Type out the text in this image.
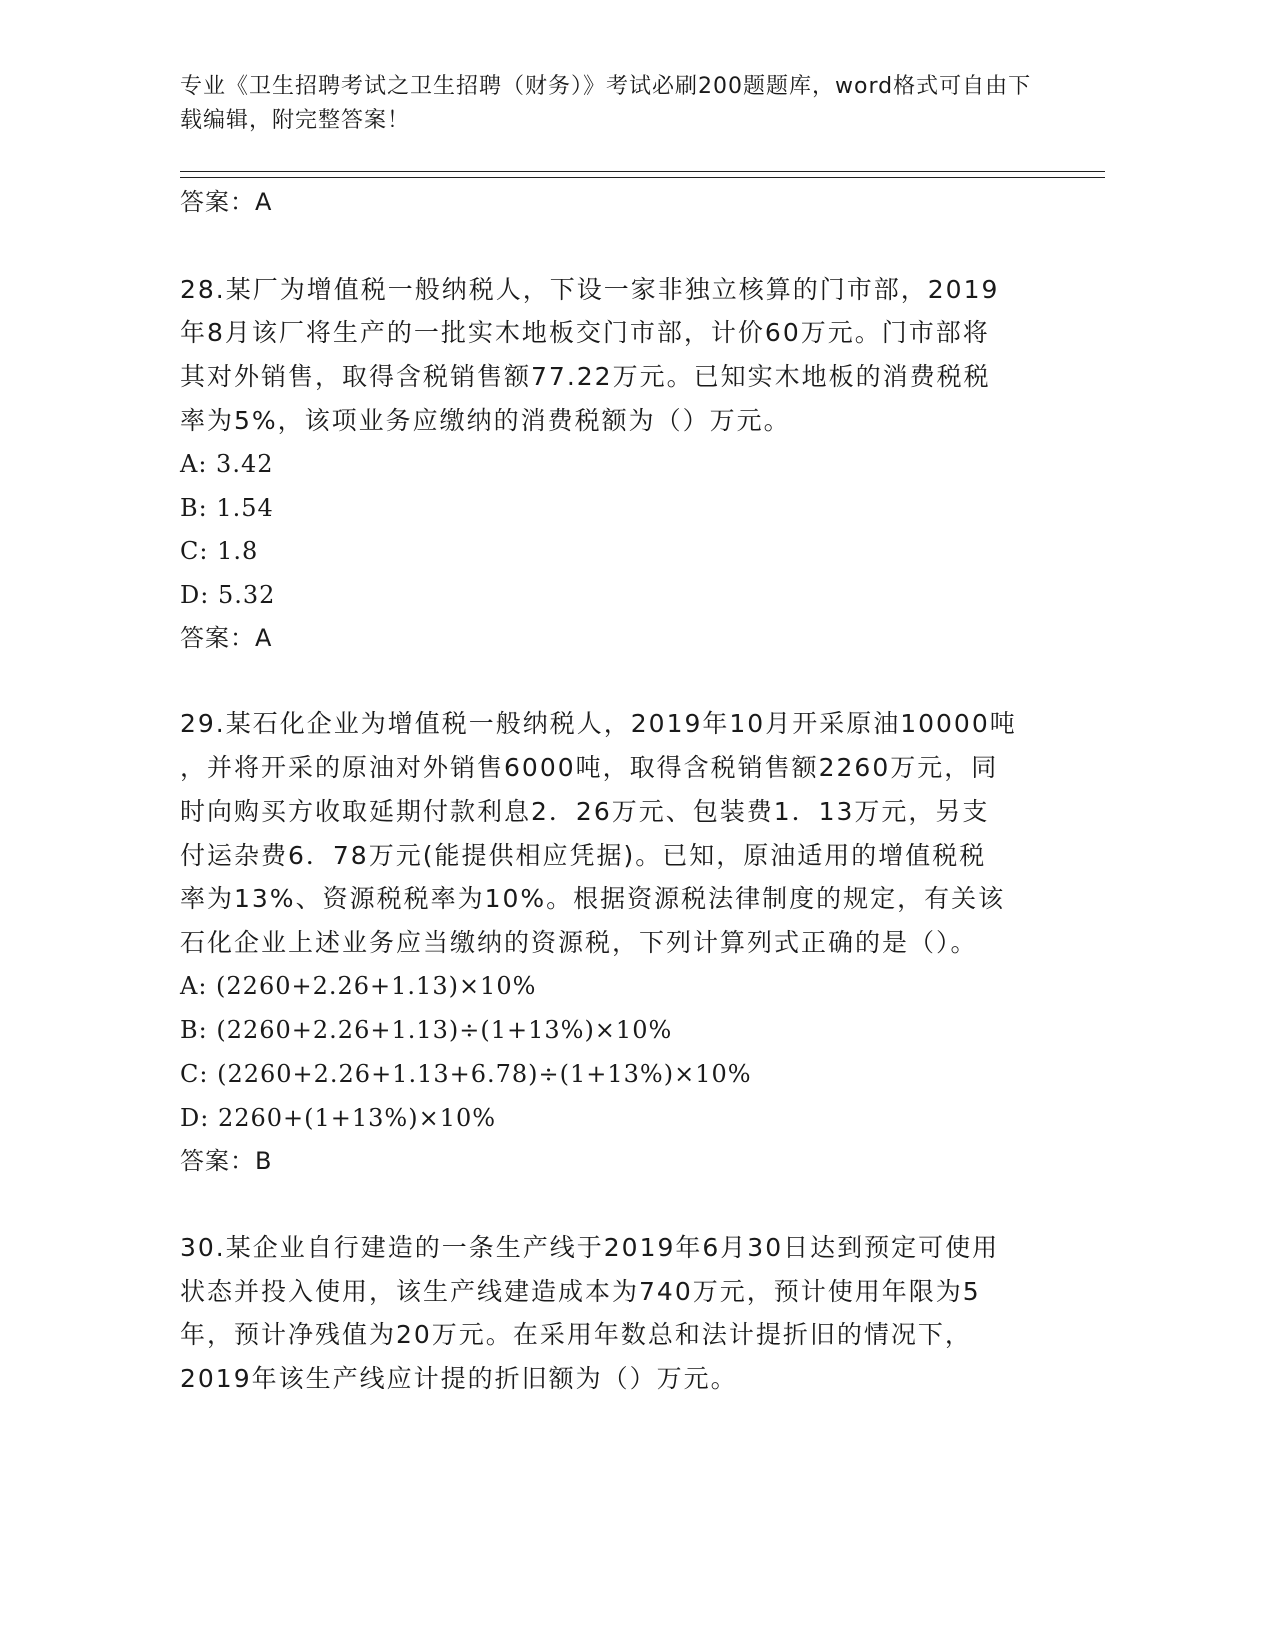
专业《卫生招聘考试之卫生招聘（财务）》考试必刷200题题库，word格式可自由下载编辑，附完整答案！
答案：A
28.某厂为增值税一般纳税人，下设一家非独立核算的门市部，2019
年8月该厂将生产的一批实木地板交门市部，计价60万元。门市部将
其对外销售，取得含税销售额77.22万元。已知实木地板的消费税税
率为5%，该项业务应缴纳的消费税额为（）万元。
A: 3.42
B: 1.54
C: 1.8
D: 5.32
答案：A
29.某石化企业为增值税一般纳税人，2019年10月开采原油10000吨
，并将开采的原油对外销售6000吨，取得含税销售额2260万元，同
时向购买方收取延期付款利息2．26万元、包装费1．13万元，另支
付运杂费6．78万元(能提供相应凭据)。已知，原油适用的增值税税
率为13%、资源税税率为10%。根据资源税法律制度的规定，有关该
石化企业上述业务应当缴纳的资源税，下列计算列式正确的是（）。
A: (2260+2.26+1.13)×10%
B: (2260+2.26+1.13)÷(1+13%)×10%
C: (2260+2.26+1.13+6.78)÷(1+13%)×10%
D: 2260+(1+13%)×10%
答案：B
30.某企业自行建造的一条生产线于2019年6月30日达到预定可使用
状态并投入使用，该生产线建造成本为740万元，预计使用年限为5
年，预计净残值为20万元。在采用年数总和法计提折旧的情况下，
2019年该生产线应计提的折旧额为（）万元。
